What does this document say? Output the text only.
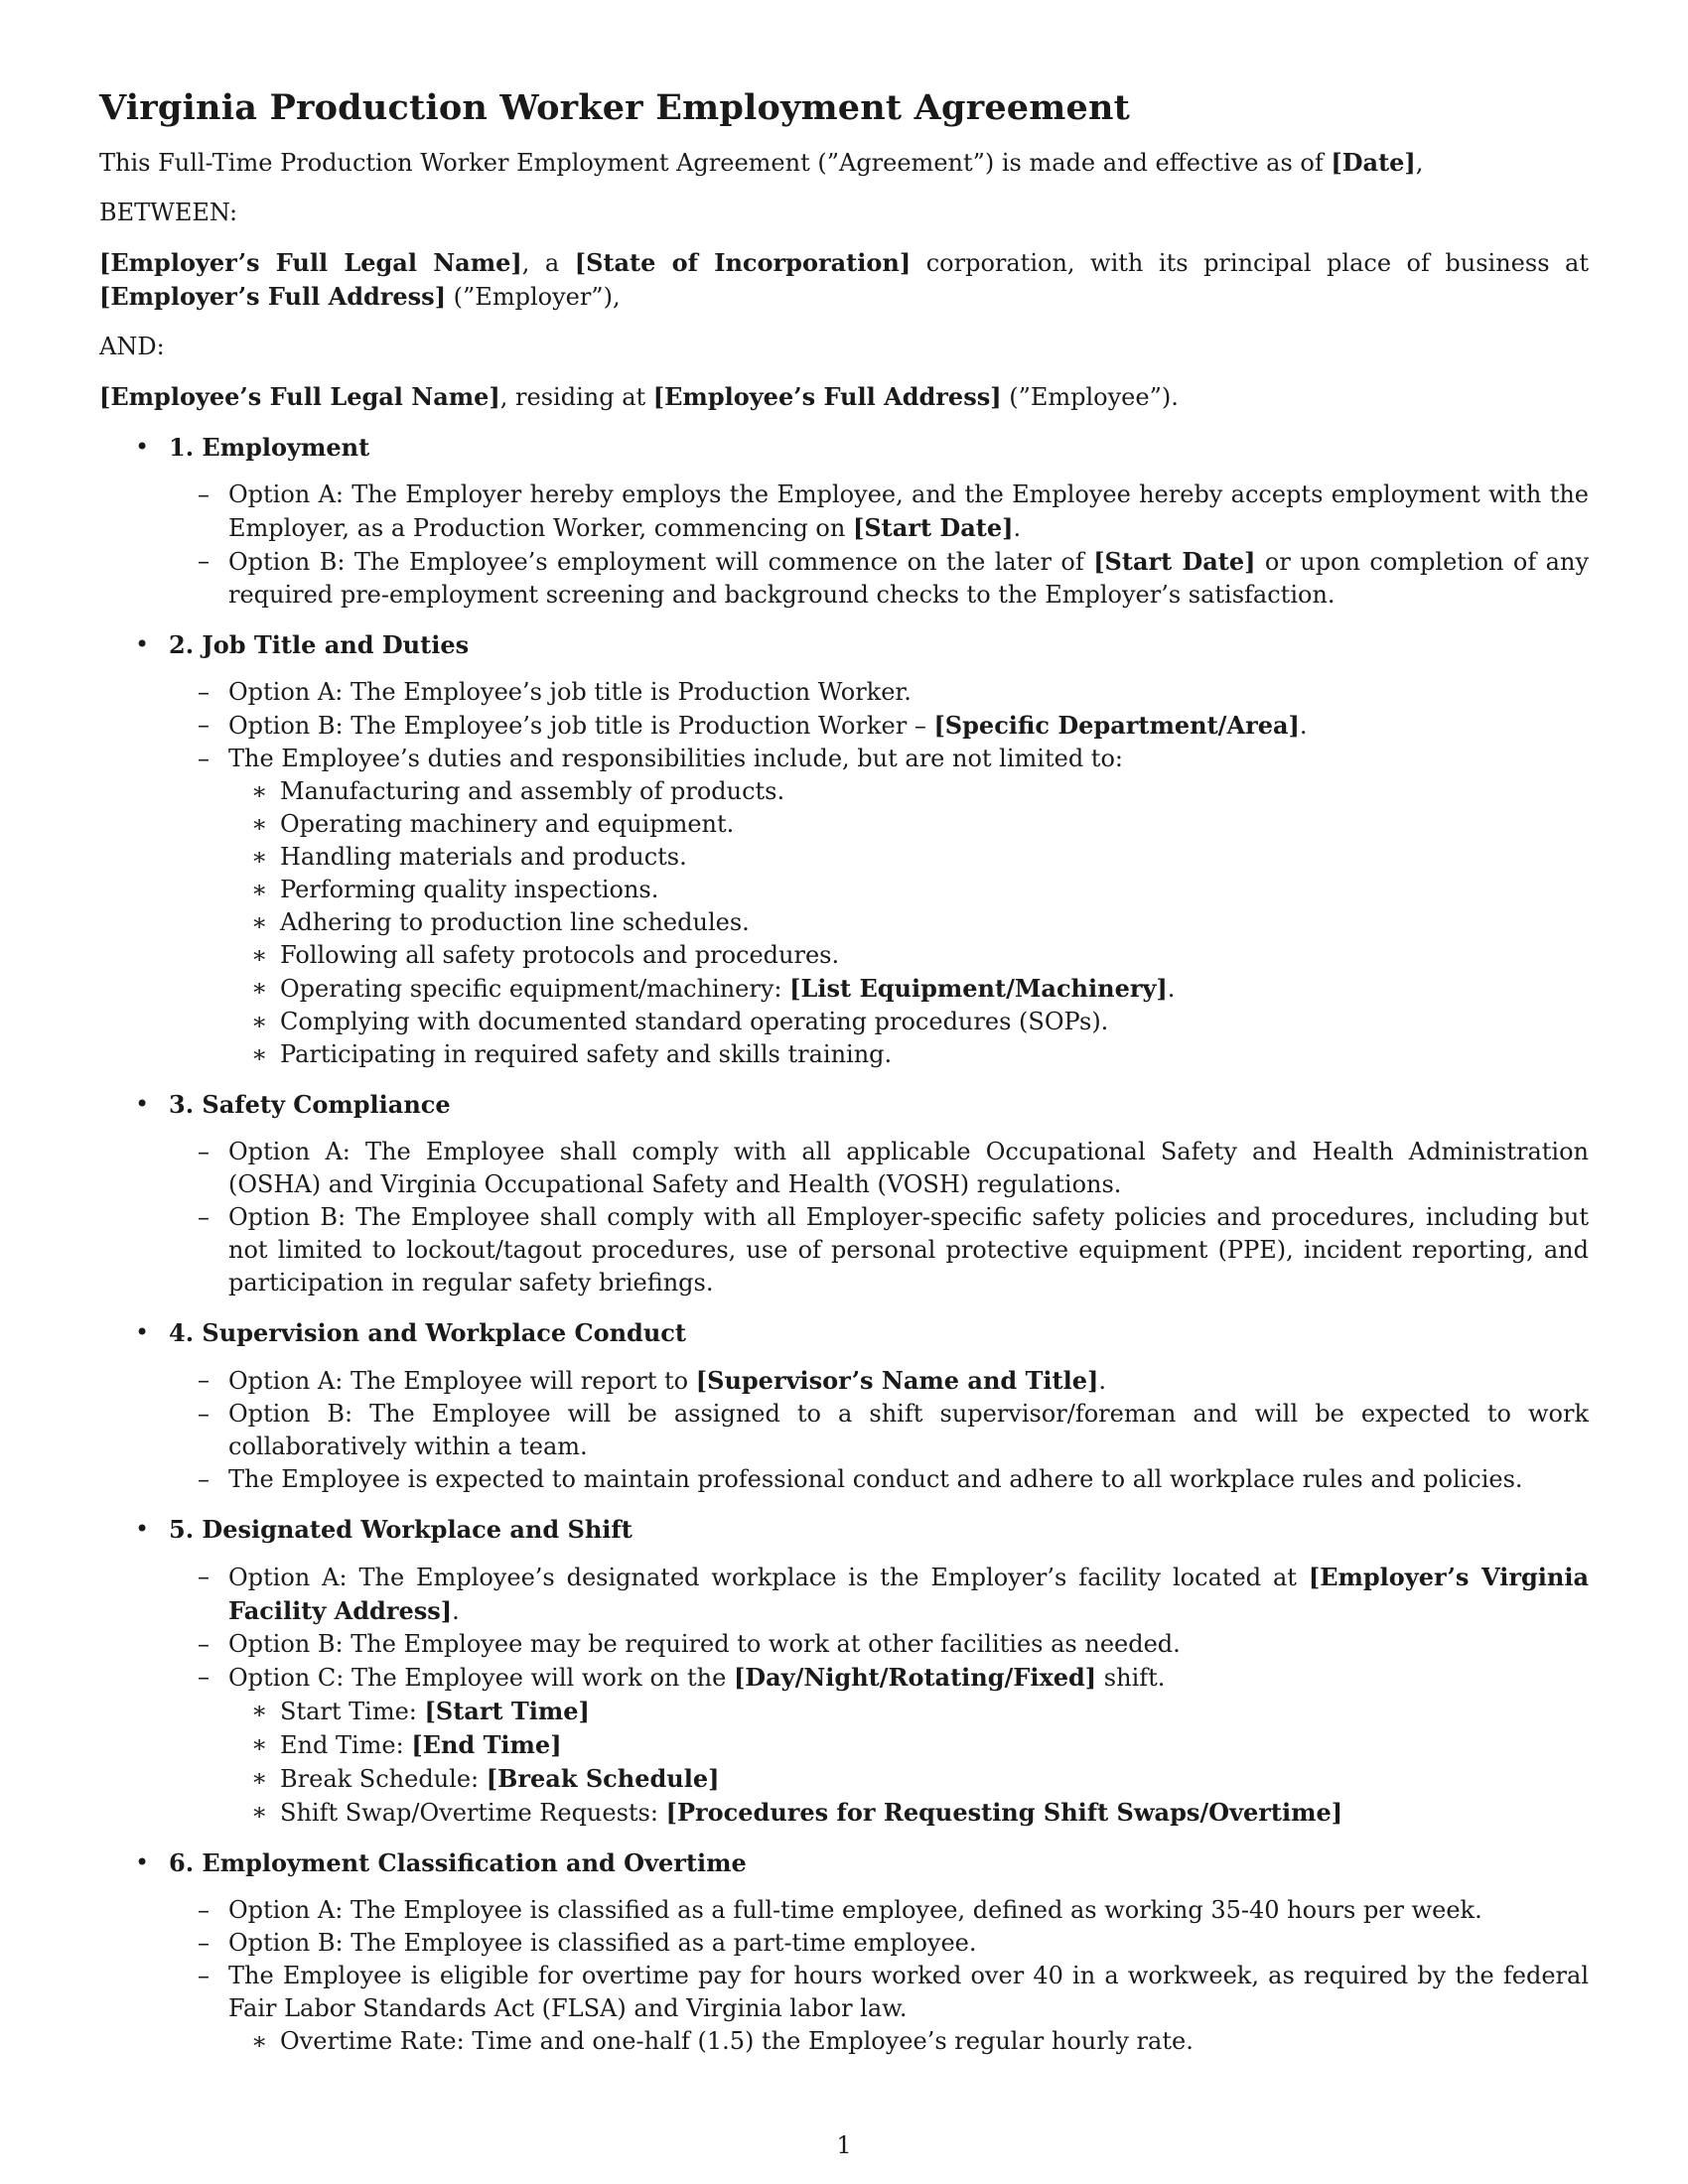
Virginia Production Worker Employment Agreement

This Full-Time Production Worker Employment Agreement (”Agreement”) is made and effective as of [Date],

BETWEEN:

[Employer’s Full Legal Name], a [State of Incorporation] corporation, with its principal place of business at [Employer’s Full Address] (”Employer”),

AND:

[Employee’s Full Legal Name], residing at [Employee’s Full Address] (”Employee”).

• 1. Employment
– Option A: The Employer hereby employs the Employee, and the Employee hereby accepts employment with the Employer, as a Production Worker, commencing on [Start Date].
– Option B: The Employee’s employment will commence on the later of [Start Date] or upon completion of any required pre-employment screening and background checks to the Employer’s satisfaction.
• 2. Job Title and Duties
– Option A: The Employee’s job title is Production Worker.
– Option B: The Employee’s job title is Production Worker – [Specific Department/Area].
– The Employee’s duties and responsibilities include, but are not limited to:
∗ Manufacturing and assembly of products.
∗ Operating machinery and equipment.
∗ Handling materials and products.
∗ Performing quality inspections.
∗ Adhering to production line schedules.
∗ Following all safety protocols and procedures.
∗ Operating specific equipment/machinery: [List Equipment/Machinery].
∗ Complying with documented standard operating procedures (SOPs).
∗ Participating in required safety and skills training.
• 3. Safety Compliance
– Option A: The Employee shall comply with all applicable Occupational Safety and Health Administration (OSHA) and Virginia Occupational Safety and Health (VOSH) regulations.
– Option B: The Employee shall comply with all Employer-specific safety policies and procedures, including but not limited to lockout/tagout procedures, use of personal protective equipment (PPE), incident reporting, and participation in regular safety briefings.
• 4. Supervision and Workplace Conduct
– Option A: The Employee will report to [Supervisor’s Name and Title].
– Option B: The Employee will be assigned to a shift supervisor/foreman and will be expected to work collaboratively within a team.
– The Employee is expected to maintain professional conduct and adhere to all workplace rules and policies.
• 5. Designated Workplace and Shift
– Option A: The Employee’s designated workplace is the Employer’s facility located at [Employer’s Virginia Facility Address].
– Option B: The Employee may be required to work at other facilities as needed.
– Option C: The Employee will work on the [Day/Night/Rotating/Fixed] shift.
∗ Start Time: [Start Time]
∗ End Time: [End Time]
∗ Break Schedule: [Break Schedule]
∗ Shift Swap/Overtime Requests: [Procedures for Requesting Shift Swaps/Overtime]
• 6. Employment Classification and Overtime
– Option A: The Employee is classified as a full-time employee, defined as working 35-40 hours per week.
– Option B: The Employee is classified as a part-time employee.
– The Employee is eligible for overtime pay for hours worked over 40 in a workweek, as required by the federal Fair Labor Standards Act (FLSA) and Virginia labor law.
∗ Overtime Rate: Time and one-half (1.5) the Employee’s regular hourly rate.
1
